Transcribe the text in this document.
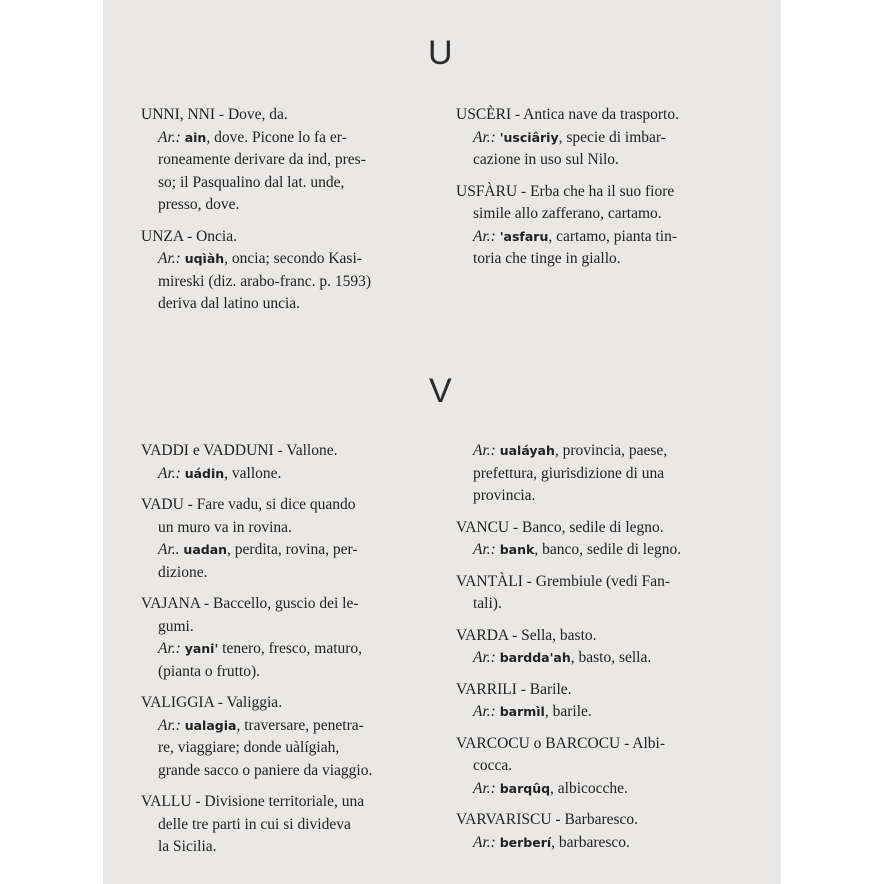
U

UNNI, NNI - Dove, da.

Ar.: ain, dove. Picone lo fa er-

roneamente derivare da ind, pres-

so; il Pasqualino dal lat. unde,

presso, dove.

UNZA - Oncia.

Ar.: uqìàh, oncia; secondo Kasi-

mireski (diz. arabo-franc. p. 1593)

deriva dal latino uncia.

USCÈRI - Antica nave da trasporto.

Ar.: 'usciâriy, specie di imbar-

cazione in uso sul Nilo.

USFÀRU - Erba che ha il suo fiore

simile allo zafferano, cartamo.

Ar.: 'asfaru, cartamo, pianta tin-

toria che tinge in giallo.

V

VADDI e VADDUNI - Vallone.

Ar.: uádin, vallone.

VADU - Fare vadu, si dice quando

un muro va in rovina.

Ar.. uadan, perdita, rovina, per-

dizione.

VAJANA - Baccello, guscio dei le-

gumi.

Ar.: yani' tenero, fresco, maturo,

(pianta o frutto).

VALIGGIA - Valiggia.

Ar.: ualagia, traversare, penetra-

re, viaggiare; donde uàlígiah,

grande sacco o paniere da viaggio.

VALLU - Divisione territoriale, una

delle tre parti in cui si divideva

la Sicilia.

Ar.: ualáyah, provincia, paese,

prefettura, giurisdizione di una

provincia.

VANCU - Banco, sedile di legno.

Ar.: bank, banco, sedile di legno.

VANTÀLI - Grembiule (vedi Fan-

tali).

VARDA - Sella, basto.

Ar.: bardda'ah, basto, sella.

VARRILI - Barile.

Ar.: barmìl, barile.

VARCOCU o BARCOCU - Albi-

cocca.

Ar.: barqûq, albicocche.

VARVARISCU - Barbaresco.

Ar.: berberí, barbaresco.
